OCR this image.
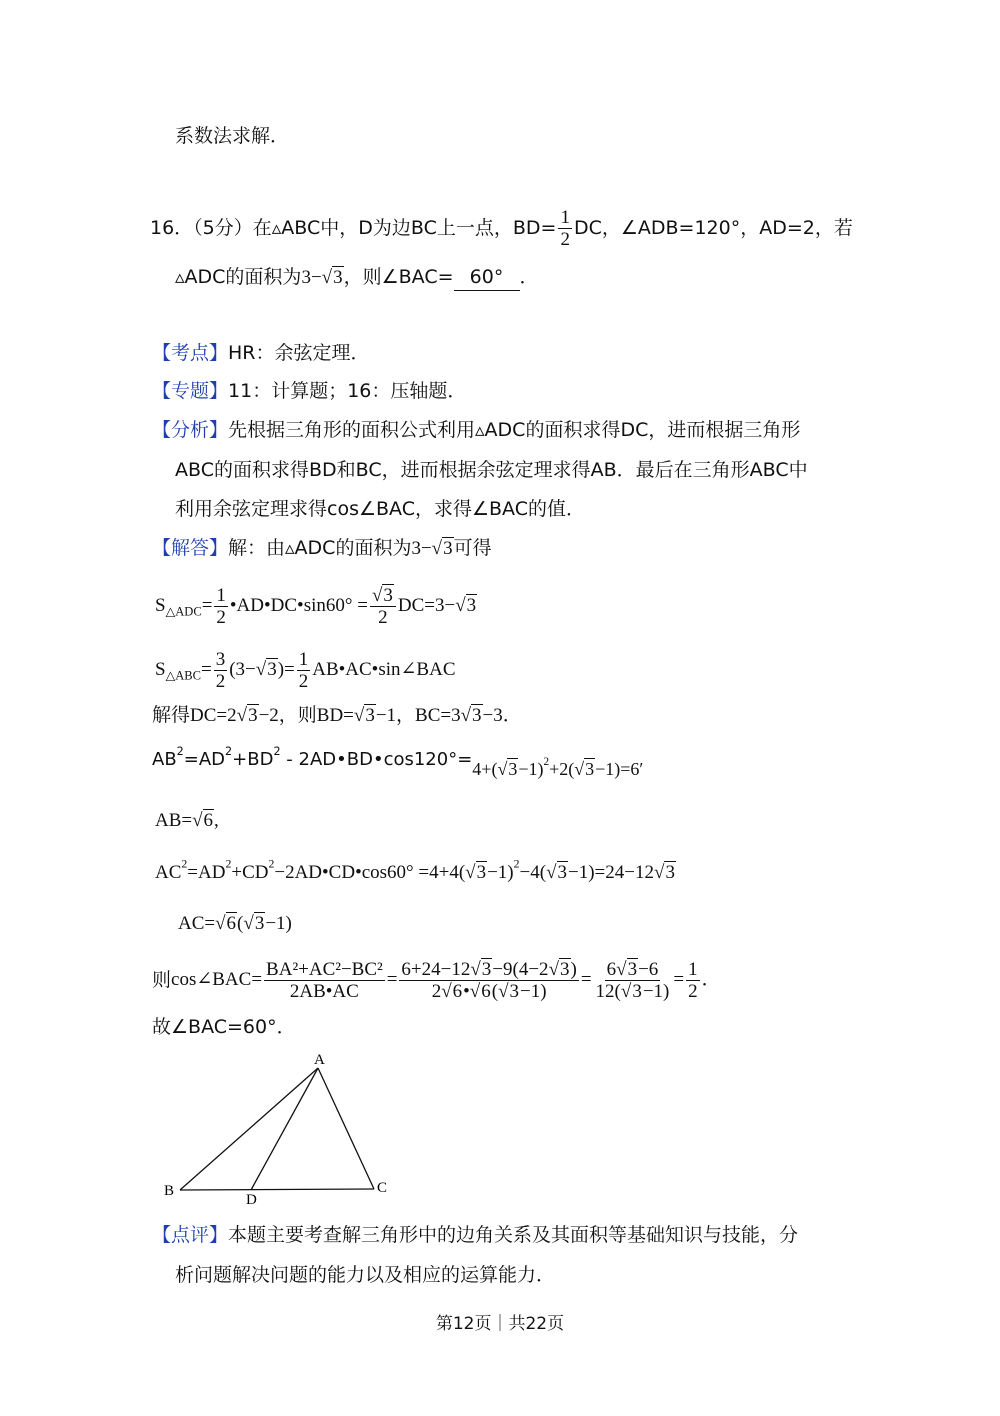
系数法求解．
16．（5分）在▵ABC中，D为边BC上一点，$BD= \frac{1}{2}$ DC，∠ADB=120°，AD=2，若
▵ADC的面积为3−√3，则∠BAC= 60° ．
【考点】HR：余弦定理．
【专题】11：计算题；16：压轴题．
【分析】先根据三角形的面积公式利用▵ADC的面积求得DC，进而根据三角形
ABC的面积求得BD和BC，进而根据余弦定理求得AB．最后在三角形ABC中
利用余弦定理求得cos∠BAC，求得∠BAC的值．
【解答】解：由▵ADC的面积为3−√3可得
$S_{\triangle ADC}= \frac{1}{2}$ •AD•DC•sin60° = $\frac{√3}{2} DC=3-√3$
$S_{\triangle ABC}= \frac{3}{2} (3-√3)= \frac{1}{2}$ AB•AC•sin∠BAC
解得DC=2√3−2，则BD=√3−1，BC=3√3−3．
$AB^2=AD^2+BD^2$ - $2AD•BD•\cos 120^\circ=4+(√3-1)^2+2(√3-1)=6'$
AB=√6,
$AC^2=AD^2+CD^2-2AD•CD•\cos 60^\circ =4+4(√3-1)^2-4(√3-1)=24-12√3$
AC=√6(√3−1)
则 cos∠BAC= $\frac{\text{BA²+AC²−BC²}}{2AB•AC} = \frac{6+24-12√3-9(4-2√3)}{2√6•√6(√3-1)} = \frac{6√3-6}{12(√3-1)} = \frac{1}{2}$ ．
故∠BAC=60°．
A
B	C
D
【点评】本题主要考查解三角形中的边角关系及其面积等基础知识与技能，分
析问题解决问题的能力以及相应的运算能力．
第12页｜共22页
